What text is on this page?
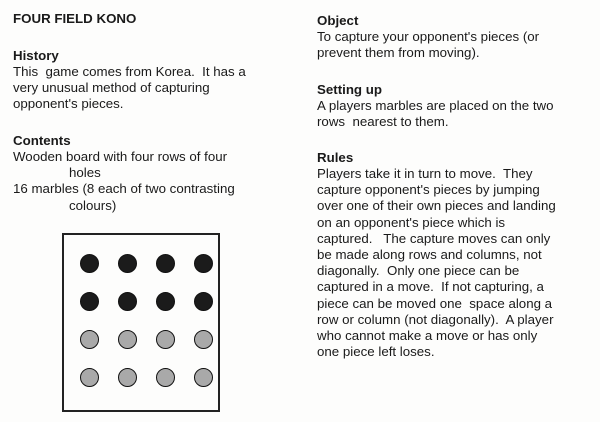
FOUR FIELD KONO
History
This  game comes from Korea.  It has a
very unusual method of capturing
opponent's pieces.
Contents
Wooden board with four rows of four
holes
16 marbles (8 each of two contrasting
colours)
Object
To capture your opponent's pieces (or
prevent them from moving).
Setting up
A players marbles are placed on the two
rows  nearest to them.
Rules
Players take it in turn to move.  They
capture opponent's pieces by jumping
over one of their own pieces and landing
on an opponent's piece which is
captured.   The capture moves can only
be made along rows and columns, not
diagonally.  Only one piece can be
captured in a move.  If not capturing, a
piece can be moved one  space along a
row or column (not diagonally).  A player
who cannot make a move or has only
one piece left loses.
